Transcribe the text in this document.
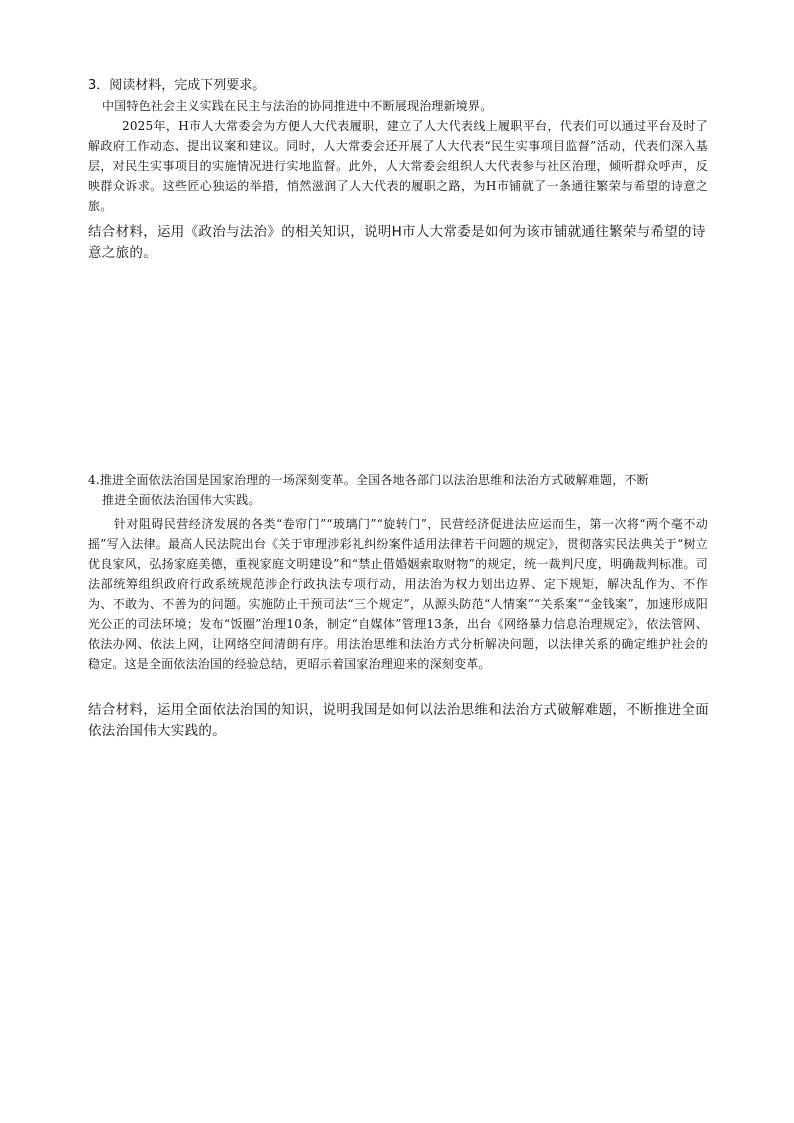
3．阅读材料，完成下列要求。

中国特色社会主义实践在民主与法治的协同推进中不断展现治理新境界。

2025年，H市人大常委会为方便人大代表履职，建立了人大代表线上履职平台，代表们可以通过平台及时了解政府工作动态、提出议案和建议。同时，人大常委会还开展了人大代表“民生实事项目监督”活动，代表们深入基层，对民生实事项目的实施情况进行实地监督。此外，人大常委会组织人大代表参与社区治理，倾听群众呼声，反映群众诉求。这些匠心独运的举措，悄然滋润了人大代表的履职之路，为H市铺就了一条通往繁荣与希望的诗意之旅。

结合材料，运用《政治与法治》的相关知识，说明H市人大常委是如何为该市铺就通往繁荣与希望的诗意之旅的。
4.推进全面依法治国是国家治理的一场深刻变革。全国各地各部门以法治思维和法治方式破解难题，不断
推进全面依法治国伟大实践。

针对阻碍民营经济发展的各类“卷帘门”“玻璃门”“旋转门”，民营经济促进法应运而生，第一次将“两个毫不动摇”写入法律。最高人民法院出台《关于审理涉彩礼纠纷案件适用法律若干问题的规定》，贯彻落实民法典关于“树立优良家风，弘扬家庭美德，重视家庭文明建设”和“禁止借婚姻索取财物”的规定，统一裁判尺度，明确裁判标准。司法部统筹组织政府行政系统规范涉企行政执法专项行动，用法治为权力划出边界、定下规矩，解决乱作为、不作为、不敢为、不善为的问题。实施防止干预司法“三个规定”，从源头防范“人情案”“关系案”“金钱案”，加速形成阳光公正的司法环境；发布“饭圈”治理10条，制定“自媒体”管理13条，出台《网络暴力信息治理规定》，依法管网、依法办网、依法上网，让网络空间清朗有序。用法治思维和法治方式分析解决问题，以法律关系的确定维护社会的稳定。这是全面依法治国的经验总结，更昭示着国家治理迎来的深刻变革。

结合材料，运用全面依法治国的知识，说明我国是如何以法治思维和法治方式破解难题，不断推进全面依法治国伟大实践的。
